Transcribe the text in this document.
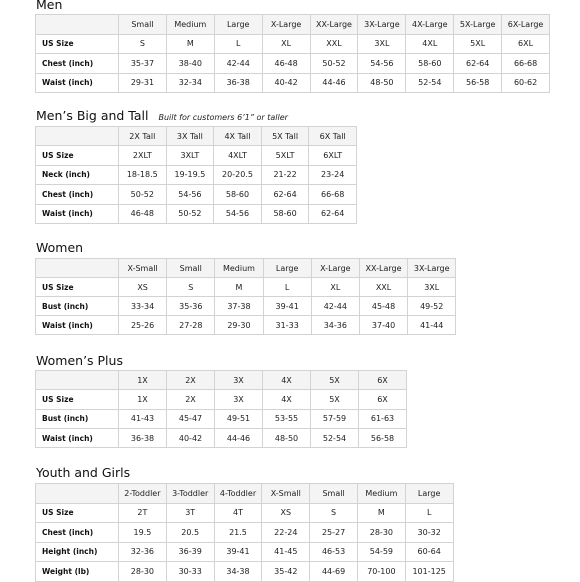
Men
	Small	Medium	Large	X-Large	XX-Large	3X-Large	4X-Large	5X-Large	6X-Large
US Size	S	M	L	XL	XXL	3XL	4XL	5XL	6XL
Chest (inch)	35-37	38-40	42-44	46-48	50-52	54-56	58-60	62-64	66-68
Waist (inch)	29-31	32-34	36-38	40-42	44-46	48-50	52-54	56-58	60-62
Men’s Big and Tall Built for customers 6’1” or taller
	2X Tall	3X Tall	4X Tall	5X Tall	6X Tall
US Size	2XLT	3XLT	4XLT	5XLT	6XLT
Neck (inch)	18-18.5	19-19.5	20-20.5	21-22	23-24
Chest (inch)	50-52	54-56	58-60	62-64	66-68
Waist (inch)	46-48	50-52	54-56	58-60	62-64
Women
	X-Small	Small	Medium	Large	X-Large	XX-Large	3X-Large
US Size	XS	S	M	L	XL	XXL	3XL
Bust (inch)	33-34	35-36	37-38	39-41	42-44	45-48	49-52
Waist (inch)	25-26	27-28	29-30	31-33	34-36	37-40	41-44
Women’s Plus
	1X	2X	3X	4X	5X	6X
US Size	1X	2X	3X	4X	5X	6X
Bust (inch)	41-43	45-47	49-51	53-55	57-59	61-63
Waist (inch)	36-38	40-42	44-46	48-50	52-54	56-58
Youth and Girls
	2-Toddler	3-Toddler	4-Toddler	X-Small	Small	Medium	Large
US Size	2T	3T	4T	XS	S	M	L
Chest (inch)	19.5	20.5	21.5	22-24	25-27	28-30	30-32
Height (inch)	32-36	36-39	39-41	41-45	46-53	54-59	60-64
Weight (lb)	28-30	30-33	34-38	35-42	44-69	70-100	101-125
